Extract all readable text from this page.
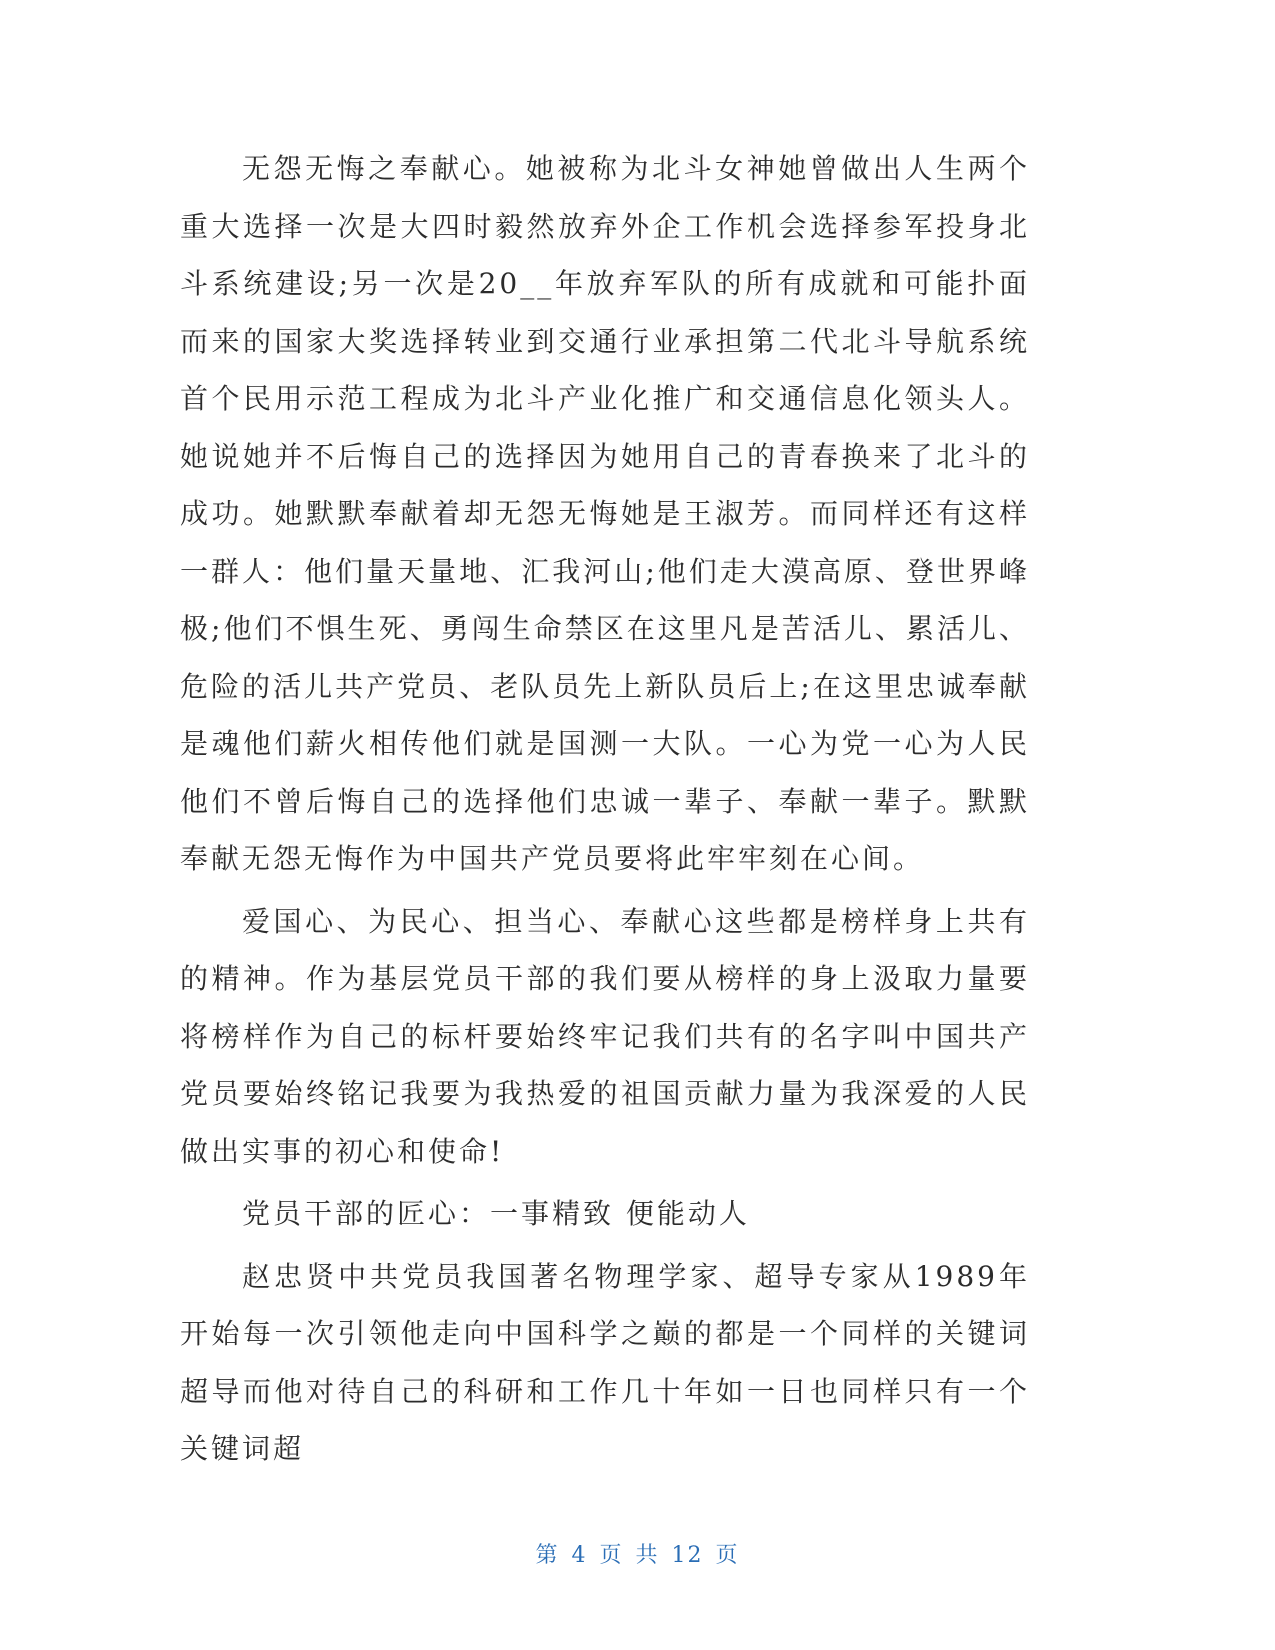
无怨无悔之奉献心。她被称为北斗女神她曾做出人生两个重大选择一次是大四时毅然放弃外企工作机会选择参军投身北斗系统建设;另一次是20__年放弃军队的所有成就和可能扑面而来的国家大奖选择转业到交通行业承担第二代北斗导航系统首个民用示范工程成为北斗产业化推广和交通信息化领头人。她说她并不后悔自己的选择因为她用自己的青春换来了北斗的成功。她默默奉献着却无怨无悔她是王淑芳。而同样还有这样一群人：他们量天量地、汇我河山;他们走大漠高原、登世界峰极;他们不惧生死、勇闯生命禁区在这里凡是苦活儿、累活儿、危险的活儿共产党员、老队员先上新队员后上;在这里忠诚奉献是魂他们薪火相传他们就是国测一大队。一心为党一心为人民他们不曾后悔自己的选择他们忠诚一辈子、奉献一辈子。默默奉献无怨无悔作为中国共产党员要将此牢牢刻在心间。

爱国心、为民心、担当心、奉献心这些都是榜样身上共有的精神。作为基层党员干部的我们要从榜样的身上汲取力量要将榜样作为自己的标杆要始终牢记我们共有的名字叫中国共产党员要始终铭记我要为我热爱的祖国贡献力量为我深爱的人民做出实事的初心和使命!

党员干部的匠心：一事精致 便能动人

赵忠贤中共党员我国著名物理学家、超导专家从1989年开始每一次引领他走向中国科学之巅的都是一个同样的关键词超导而他对待自己的科研和工作几十年如一日也同样只有一个关键词超

第 4 页 共 12 页
